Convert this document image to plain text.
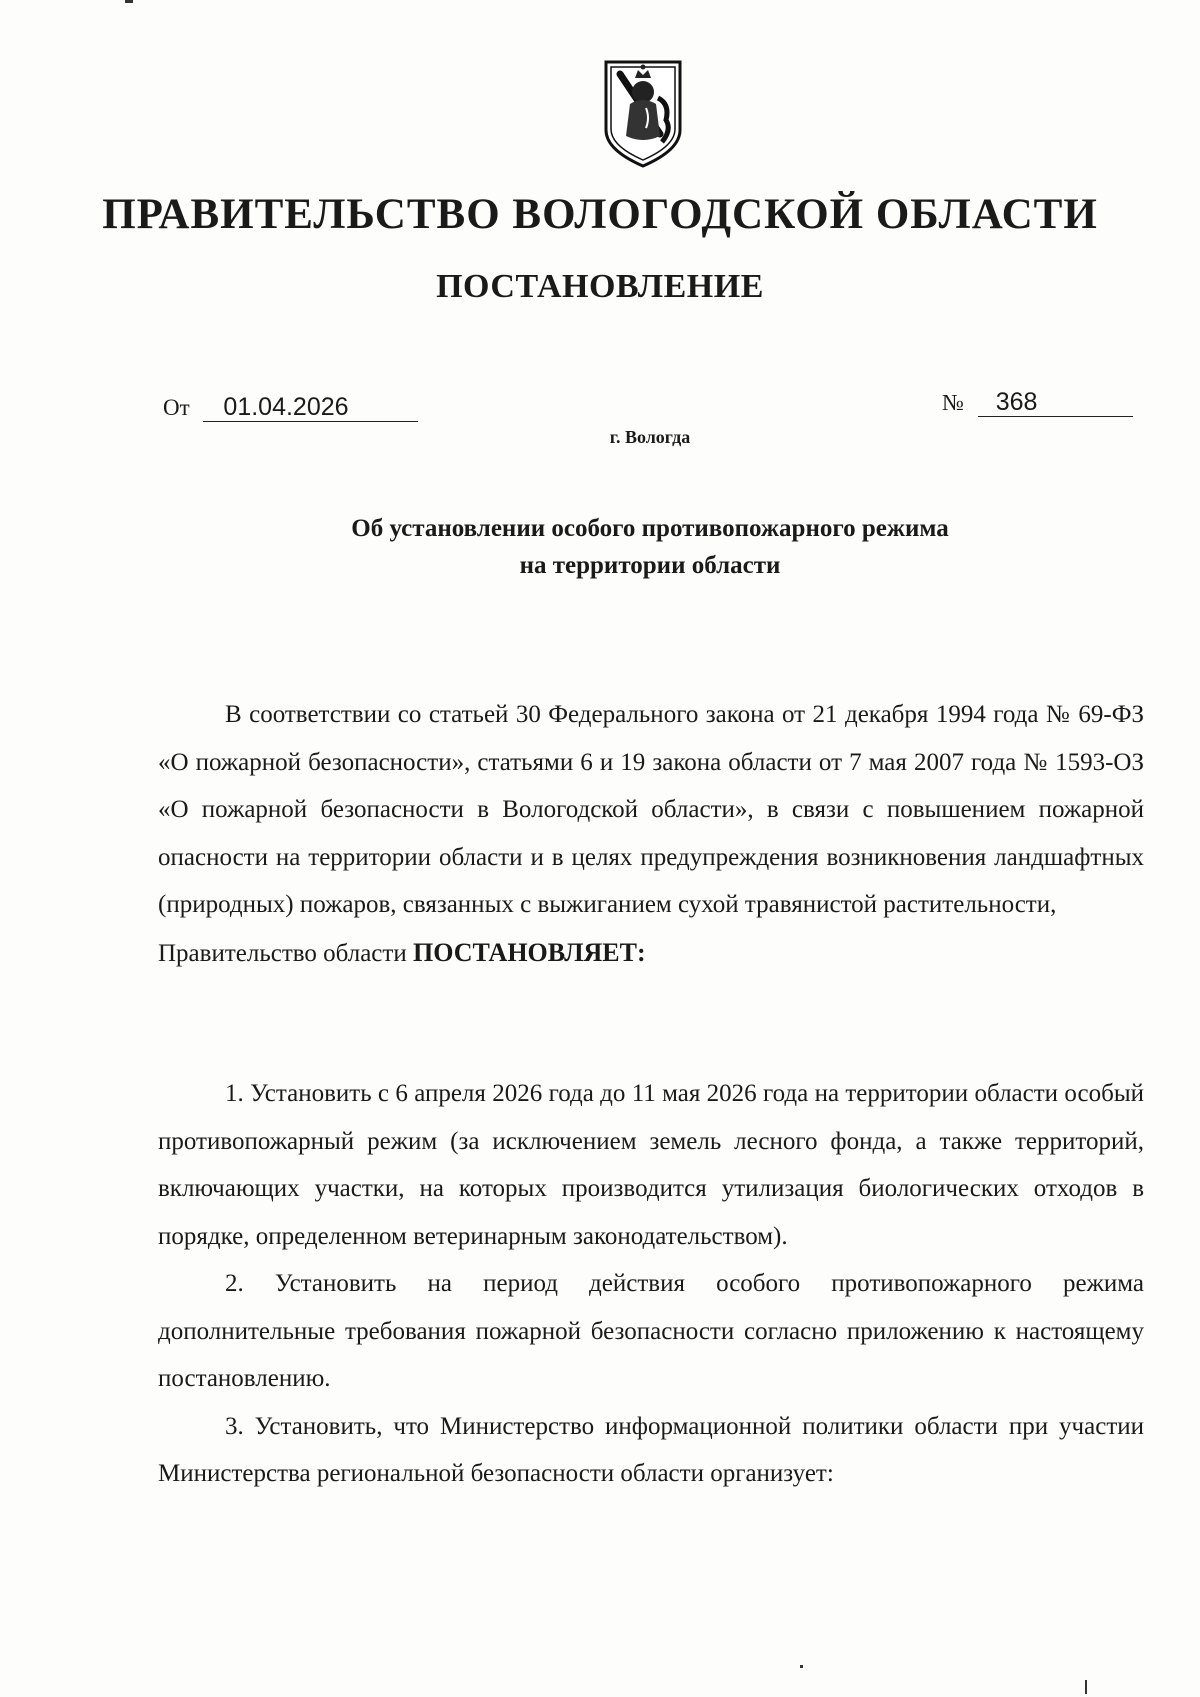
ПРАВИТЕЛЬСТВО ВОЛОГОДСКОЙ ОБЛАСТИ
ПОСТАНОВЛЕНИЕ
От 01.04.2026	№ 368
г. Вологда
Об установлении особого противопожарного режима
на территории области

В соответствии со статьей 30 Федерального закона от 21 декабря 1994 года № 69-ФЗ «О пожарной безопасности», статьями 6 и 19 закона области от 7 мая 2007 года № 1593-ОЗ «О пожарной безопасности в Вологодской области», в связи с повышением пожарной опасности на территории области и в целях предупреждения возникновения ландшафтных (природных) пожаров, связанных с выжиганием сухой травянистой растительности,

Правительство области ПОСТАНОВЛЯЕТ:

1. Установить с 6 апреля 2026 года до 11 мая 2026 года на территории области особый противопожарный режим (за исключением земель лесного фонда, а также территорий, включающих участки, на которых производится утилизация биологических отходов в порядке, определенном ветеринарным законодательством).

2. Установить на период действия особого противопожарного режима дополнительные требования пожарной безопасности согласно приложению к настоящему постановлению.

3. Установить, что Министерство информационной политики области при участии Министерства региональной безопасности области организует:
